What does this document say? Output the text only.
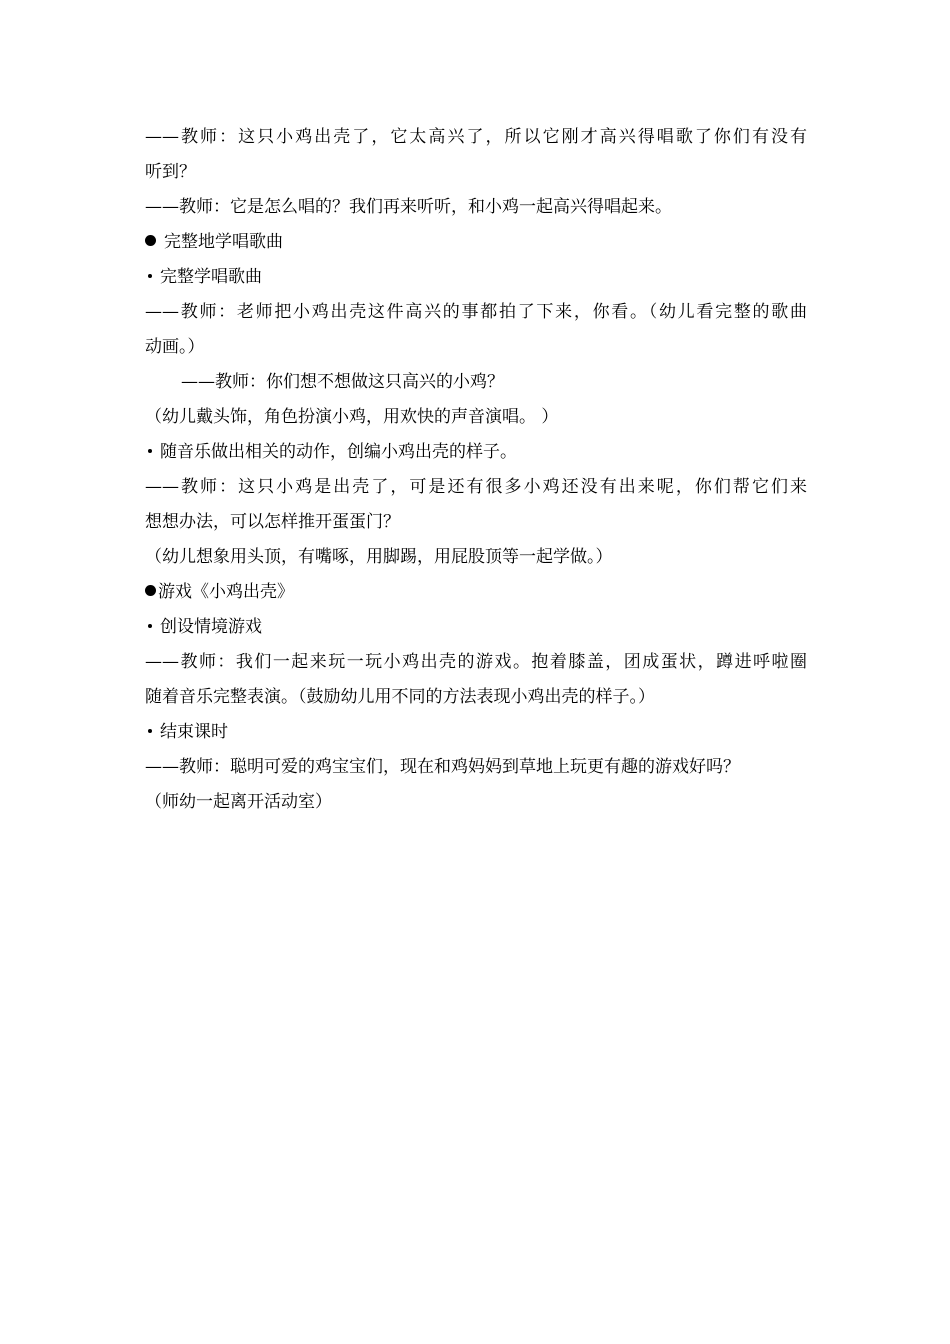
——教师：这只小鸡出壳了，它太高兴了，所以它刚才高兴得唱歌了你们有没有
听到？
——教师：它是怎么唱的？我们再来听听，和小鸡一起高兴得唱起来。
完整地学唱歌曲
完整学唱歌曲
——教师：老师把小鸡出壳这件高兴的事都拍了下来，你看。（幼儿看完整的歌曲
动画。）
——教师：你们想不想做这只高兴的小鸡？
（幼儿戴头饰，角色扮演小鸡，用欢快的声音演唱。 ）
随音乐做出相关的动作，创编小鸡出壳的样子。
——教师：这只小鸡是出壳了，可是还有很多小鸡还没有出来呢，你们帮它们来
想想办法，可以怎样推开蛋蛋门？
（幼儿想象用头顶，有嘴啄，用脚踢，用屁股顶等一起学做。）
游戏《小鸡出壳》
创设情境游戏
——教师：我们一起来玩一玩小鸡出壳的游戏。抱着膝盖，团成蛋状，蹲进呼啦圈
随着音乐完整表演。（鼓励幼儿用不同的方法表现小鸡出壳的样子。）
结束课时
——教师：聪明可爱的鸡宝宝们，现在和鸡妈妈到草地上玩更有趣的游戏好吗？
（师幼一起离开活动室）
